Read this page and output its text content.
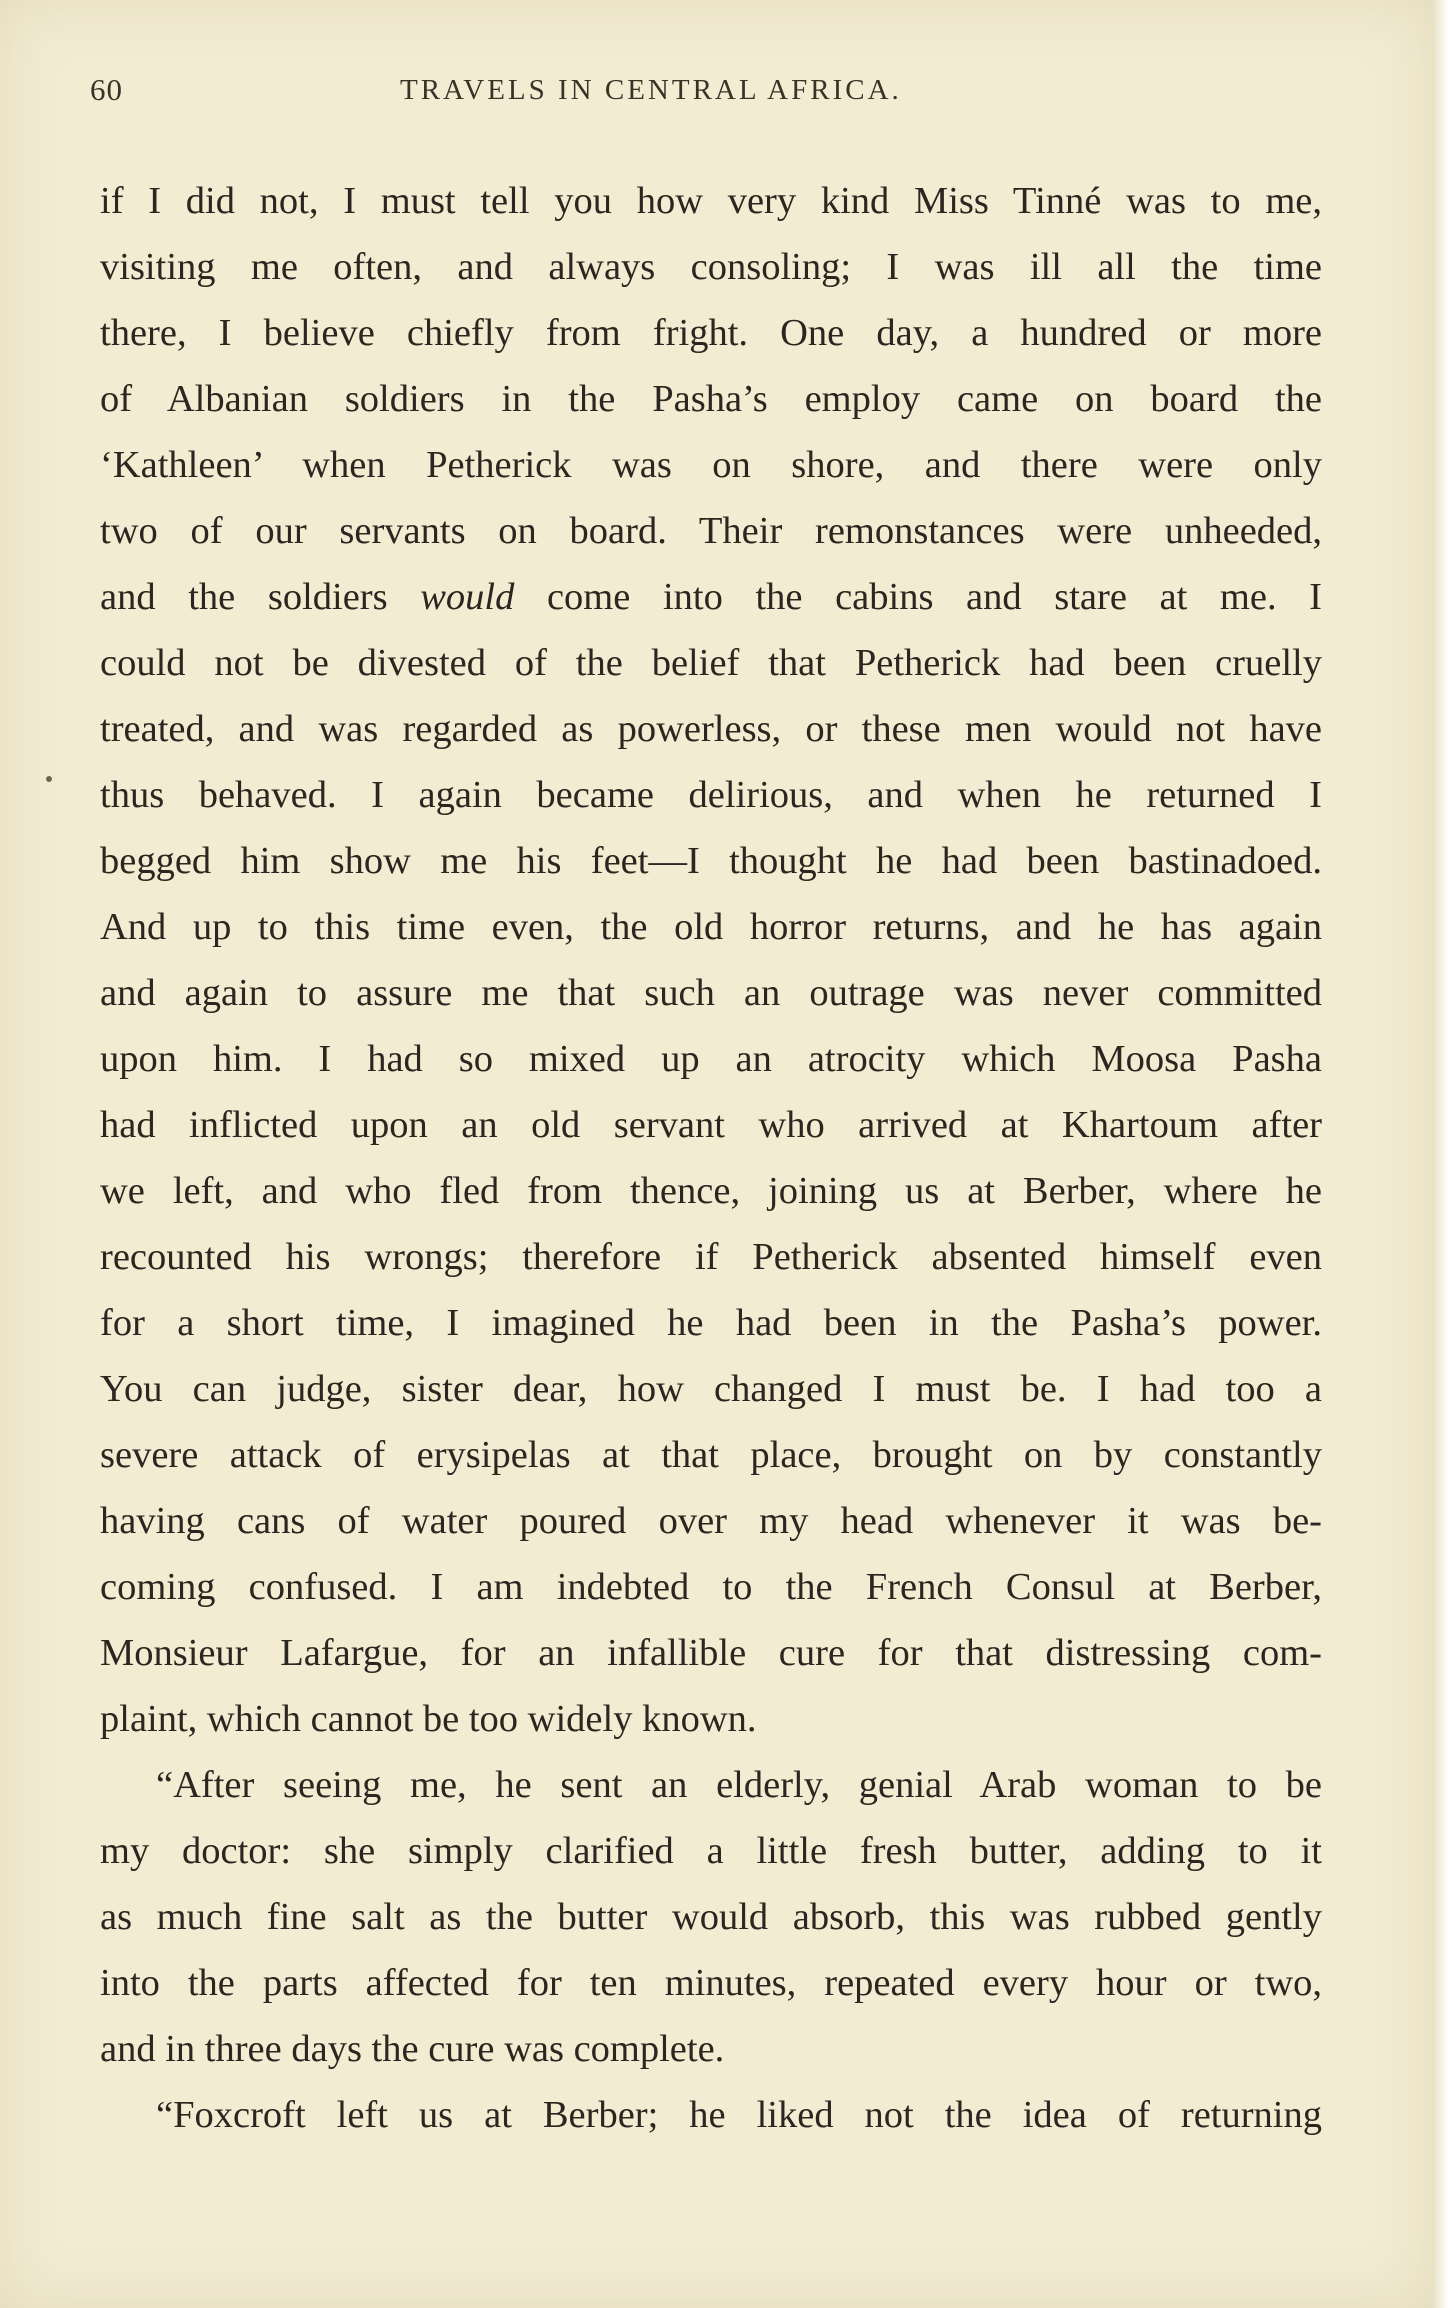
60	TRAVELS IN CENTRAL AFRICA.
if I did not, I must tell you how very kind Miss Tinné was to me,
visiting me often, and always consoling; I was ill all the time
there, I believe chiefly from fright. One day, a hundred or more
of Albanian soldiers in the Pasha’s employ came on board the
‘Kathleen’ when Petherick was on shore, and there were only
two of our servants on board. Their remonstances were unheeded,
and the soldiers would come into the cabins and stare at me. I
could not be divested of the belief that Petherick had been cruelly
treated, and was regarded as powerless, or these men would not have
thus behaved. I again became delirious, and when he returned I
begged him show me his feet—I thought he had been bastinadoed.
And up to this time even, the old horror returns, and he has again
and again to assure me that such an outrage was never committed
upon him. I had so mixed up an atrocity which Moosa Pasha
had inflicted upon an old servant who arrived at Khartoum after
we left, and who fled from thence, joining us at Berber, where he
recounted his wrongs; therefore if Petherick absented himself even
for a short time, I imagined he had been in the Pasha’s power.
You can judge, sister dear, how changed I must be. I had too a
severe attack of erysipelas at that place, brought on by constantly
having cans of water poured over my head whenever it was be-
coming confused. I am indebted to the French Consul at Berber,
Monsieur Lafargue, for an infallible cure for that distressing com-
plaint, which cannot be too widely known.
“After seeing me, he sent an elderly, genial Arab woman to be
my doctor: she simply clarified a little fresh butter, adding to it
as much fine salt as the butter would absorb, this was rubbed gently
into the parts affected for ten minutes, repeated every hour or two,
and in three days the cure was complete.
“Foxcroft left us at Berber; he liked not the idea of returning
